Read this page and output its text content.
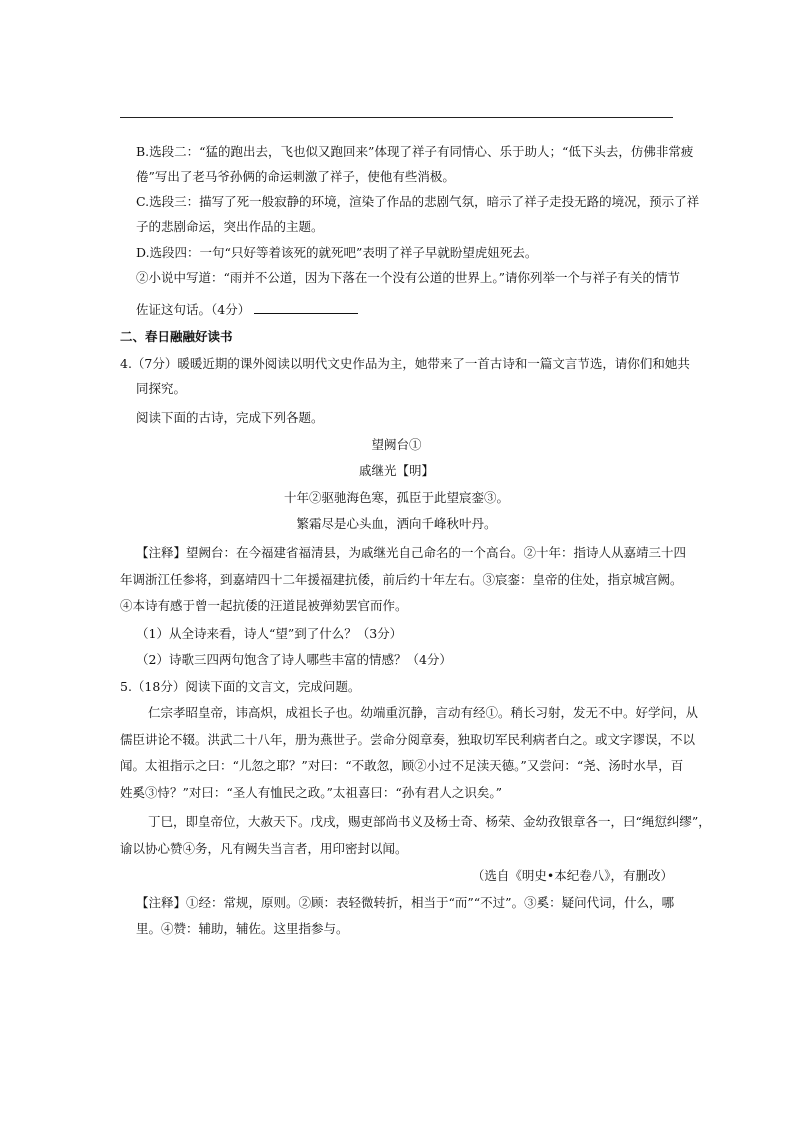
B.选段二：“猛的跑出去，飞也似又跑回来”体现了祥子有同情心、乐于助人；“低下头去，仿佛非常疲
倦”写出了老马爷孙俩的命运刺激了祥子，使他有些消极。
C.选段三：描写了死一般寂静的环境，渲染了作品的悲剧气氛，暗示了祥子走投无路的境况，预示了祥
子的悲剧命运，突出作品的主题。
D.选段四：一句“只好等着该死的就死吧”表明了祥子早就盼望虎妞死去。
②小说中写道：“雨并不公道，因为下落在一个没有公道的世界上。”请你列举一个与祥子有关的情节
佐证这句话。（4分）
二、春日融融好读书
4.（7分）暖暖近期的课外阅读以明代文史作品为主，她带来了一首古诗和一篇文言节选，请你们和她共
同探究。
阅读下面的古诗，完成下列各题。
望阙台①
戚继光【明】
十年②驱驰海色寒，孤臣于此望宸銮③。
繁霜尽是心头血，洒向千峰秋叶丹。
【注释】望阙台：在今福建省福清县，为戚继光自己命名的一个高台。②十年：指诗人从嘉靖三十四
年调浙江任参将，到嘉靖四十二年援福建抗倭，前后约十年左右。③宸銮：皇帝的住处，指京城宫阙。
④本诗有感于曾一起抗倭的汪道昆被弹劾罢官而作。
（1）从全诗来看，诗人“望”到了什么？（3分）
（2）诗歌三四两句饱含了诗人哪些丰富的情感？（4分）
5.（18分）阅读下面的文言文，完成问题。
仁宗孝昭皇帝，讳高炽，成祖长子也。幼端重沉静，言动有经①。稍长习射，发无不中。好学问，从
儒臣讲论不辍。洪武二十八年，册为燕世子。尝命分阅章奏，独取切军民利病者白之。或文字谬误，不以
闻。太祖指示之曰：“儿忽之耶？”对曰：“不敢忽，顾②小过不足渎天德。”又尝问：“尧、汤时水旱，百
姓奚③恃？”对曰：“圣人有恤民之政。”太祖喜曰：“孙有君人之识矣。”
丁巳，即皇帝位，大赦天下。戊戌，赐吏部尚书义及杨士奇、杨荣、金幼孜银章各一，曰“绳愆纠缪”，
谕以协心赞④务，凡有阙失当言者，用印密封以闻。
（选自《明史•本纪卷八》，有删改）
【注释】①经：常规，原则。②顾：表轻微转折，相当于“而”“不过”。③奚：疑问代词，什么，哪
里。④赞：辅助，辅佐。这里指参与。
